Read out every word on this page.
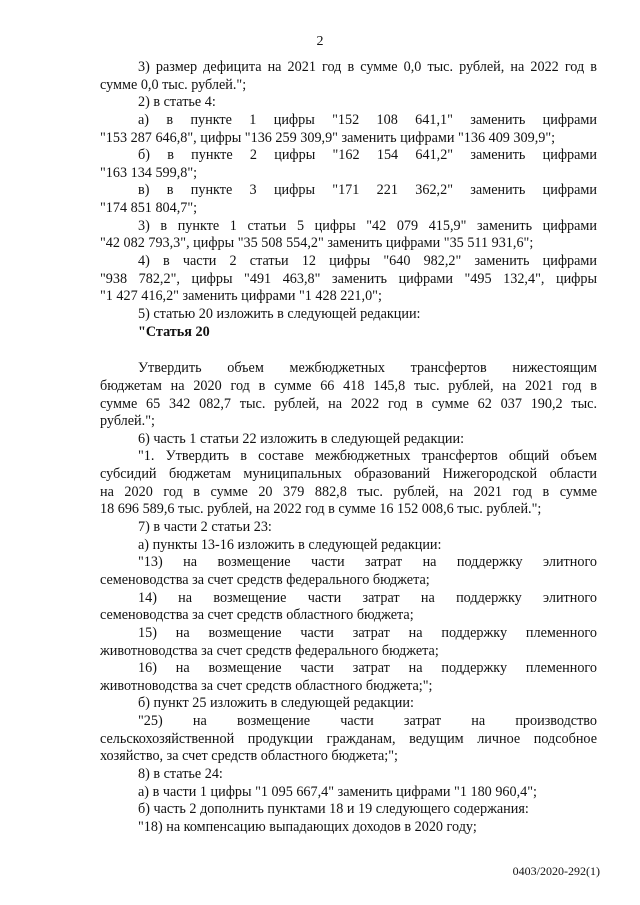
2
3) размер дефицита на 2021 год в сумме 0,0 тыс. рублей, на 2022 год в
сумме 0,0 тыс. рублей.";
2) в статье 4:
а) в пункте 1 цифры "152 108 641,1" заменить цифрами
"153 287 646,8", цифры "136 259 309,9" заменить цифрами "136 409 309,9";
б) в пункте 2 цифры "162 154 641,2" заменить цифрами
"163 134 599,8";
в) в пункте 3 цифры "171 221 362,2" заменить цифрами
"174 851 804,7";
3) в пункте 1 статьи 5 цифры "42 079 415,9" заменить цифрами
"42 082 793,3", цифры "35 508 554,2" заменить цифрами "35 511 931,6";
4) в части 2 статьи 12 цифры "640 982,2" заменить цифрами
"938 782,2", цифры "491 463,8" заменить цифрами "495 132,4", цифры
"1 427 416,2" заменить цифрами "1 428 221,0";
5) статью 20 изложить в следующей редакции:
"Статья 20
Утвердить объем межбюджетных трансфертов нижестоящим
бюджетам на 2020 год в сумме 66 418 145,8 тыс. рублей, на 2021 год в
сумме 65 342 082,7 тыс. рублей, на 2022 год в сумме 62 037 190,2 тыс.
рублей.";
6) часть 1 статьи 22 изложить в следующей редакции:
"1. Утвердить в составе межбюджетных трансфертов общий объем
субсидий бюджетам муниципальных образований Нижегородской области
на 2020 год в сумме 20 379 882,8 тыс. рублей, на 2021 год в сумме
18 696 589,6 тыс. рублей, на 2022 год в сумме 16 152 008,6 тыс. рублей.";
7) в части 2 статьи 23:
а) пункты 13-16 изложить в следующей редакции:
"13) на возмещение части затрат на поддержку элитного
семеноводства за счет средств федерального бюджета;
14) на возмещение части затрат на поддержку элитного
семеноводства за счет средств областного бюджета;
15) на возмещение части затрат на поддержку племенного
животноводства за счет средств федерального бюджета;
16) на возмещение части затрат на поддержку племенного
животноводства за счет средств областного бюджета;";
б) пункт 25 изложить в следующей редакции:
"25) на возмещение части затрат на производство
сельскохозяйственной продукции гражданам, ведущим личное подсобное
хозяйство, за счет средств областного бюджета;";
8) в статье 24:
а) в части 1 цифры "1 095 667,4" заменить цифрами "1 180 960,4";
б) часть 2 дополнить пунктами 18 и 19 следующего содержания:
"18) на компенсацию выпадающих доходов в 2020 году;
0403/2020-292(1)
